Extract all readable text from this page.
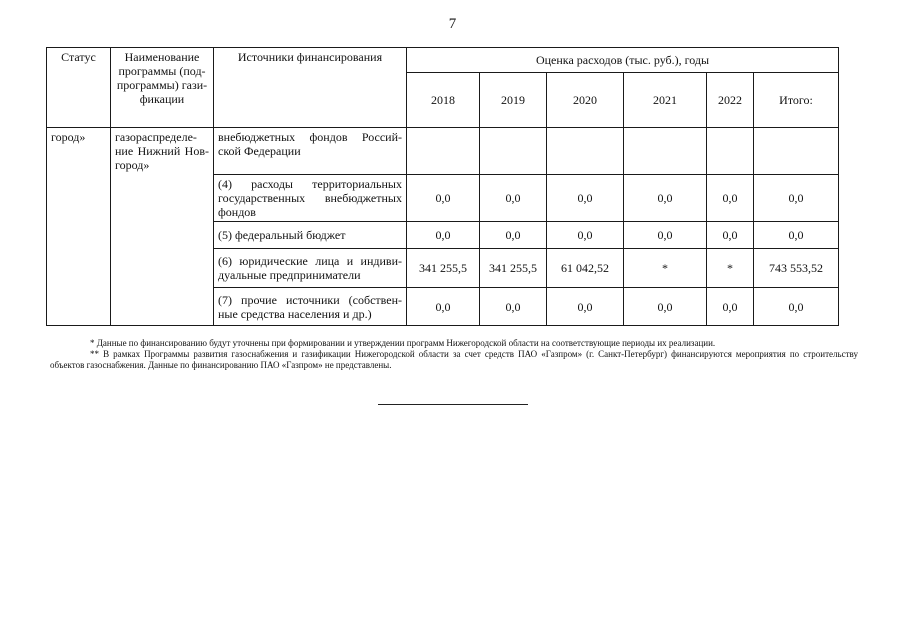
7
Статус	Наименование программы (под-программы) гази-фикации	Источники финансирования	Оценка расходов (тыс. руб.), годы					
			2018	2019	2020	2021	2022	Итого:
город»	газораспределе-ние Нижний Нов-город»	внебюджетных фондов Россий-ской Федерации						
		(4) расходы территориальных государственных внебюджетных фондов	0,0	0,0	0,0	0,0	0,0	0,0
		(5) федеральный бюджет	0,0	0,0	0,0	0,0	0,0	0,0
		(6) юридические лица и индиви-дуальные предприниматели	341 255,5	341 255,5	61 042,52	*	*	743 553,52
		(7) прочие источники (собствен-ные средства населения и др.)	0,0	0,0	0,0	0,0	0,0	0,0

* Данные по финансированию будут уточнены при формировании и утверждении программ Нижегородской области на соответствующие периоды их реализации.

** В рамках Программы развития газоснабжения и газификации Нижегородской области за счет средств ПАО «Газпром» (г. Санкт-Петербург) финансируются мероприятия по строительству объектов газоснабжения. Данные по финансированию ПАО «Газпром» не представлены.
